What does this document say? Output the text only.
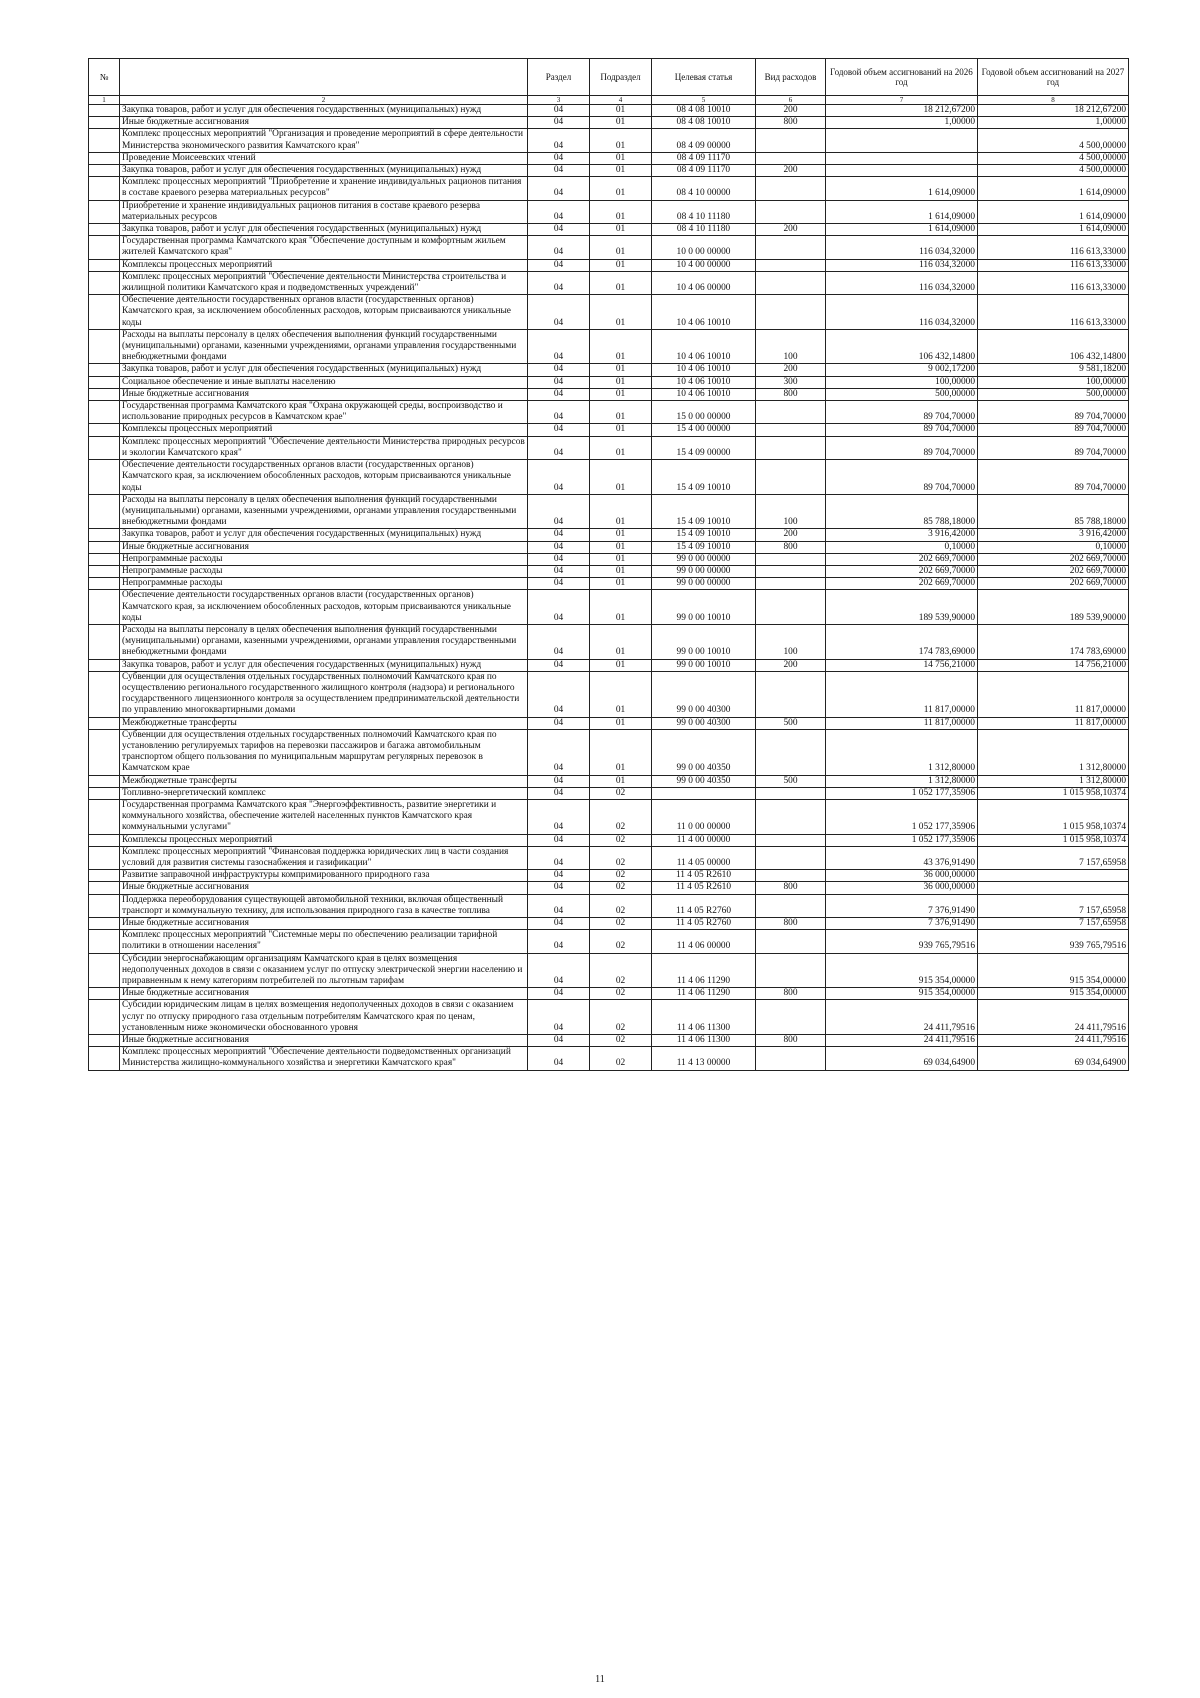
№		Раздел	Подраздел	Целевая статья	Вид расходов	Годовой объем ассигнований на 2026 год	Годовой объем ассигнований на 2027 год
1	2	3	4	5	6	7	8
	Закупка товаров, работ и услуг для обеспечения государственных (муниципальных) нужд	04	01	08 4 08 10010	200	18 212,67200	18 212,67200
	Иные бюджетные ассигнования	04	01	08 4 08 10010	800	1,00000	1,00000
	Комплекс процессных мероприятий "Организация и проведение мероприятий в сфере деятельности Министерства экономического развития Камчатского края"	04	01	08 4 09 00000			4 500,00000
	Проведение Моисеевских чтений	04	01	08 4 09 11170			4 500,00000
	Закупка товаров, работ и услуг для обеспечения государственных (муниципальных) нужд	04	01	08 4 09 11170	200		4 500,00000
	Комплекс процессных мероприятий "Приобретение и хранение индивидуальных рационов питания в составе краевого резерва материальных ресурсов"	04	01	08 4 10 00000		1 614,09000	1 614,09000
	Приобретение и хранение индивидуальных рационов питания в составе краевого резерва материальных ресурсов	04	01	08 4 10 11180		1 614,09000	1 614,09000
	Закупка товаров, работ и услуг для обеспечения государственных (муниципальных) нужд	04	01	08 4 10 11180	200	1 614,09000	1 614,09000
	Государственная программа Камчатского края "Обеспечение доступным и комфортным жильем жителей Камчатского края"	04	01	10 0 00 00000		116 034,32000	116 613,33000
	Комплексы процессных мероприятий	04	01	10 4 00 00000		116 034,32000	116 613,33000
	Комплекс процессных мероприятий "Обеспечение деятельности Министерства строительства и жилищной политики Камчатского края и подведомственных учреждений"	04	01	10 4 06 00000		116 034,32000	116 613,33000
	Обеспечение деятельности государственных органов власти (государственных органов) Камчатского края, за исключением обособленных расходов, которым присваиваются уникальные коды	04	01	10 4 06 10010		116 034,32000	116 613,33000
	Расходы на выплаты персоналу в целях обеспечения выполнения функций государственными (муниципальными) органами, казенными учреждениями, органами управления государственными внебюджетными фондами	04	01	10 4 06 10010	100	106 432,14800	106 432,14800
	Закупка товаров, работ и услуг для обеспечения государственных (муниципальных) нужд	04	01	10 4 06 10010	200	9 002,17200	9 581,18200
	Социальное обеспечение и иные выплаты населению	04	01	10 4 06 10010	300	100,00000	100,00000
	Иные бюджетные ассигнования	04	01	10 4 06 10010	800	500,00000	500,00000
	Государственная программа Камчатского края "Охрана окружающей среды, воспроизводство и использование природных ресурсов в Камчатском крае"	04	01	15 0 00 00000		89 704,70000	89 704,70000
	Комплексы процессных мероприятий	04	01	15 4 00 00000		89 704,70000	89 704,70000
	Комплекс процессных мероприятий "Обеспечение деятельности Министерства природных ресурсов и экологии Камчатского края"	04	01	15 4 09 00000		89 704,70000	89 704,70000
	Обеспечение деятельности государственных органов власти (государственных органов) Камчатского края, за исключением обособленных расходов, которым присваиваются уникальные коды	04	01	15 4 09 10010		89 704,70000	89 704,70000
	Расходы на выплаты персоналу в целях обеспечения выполнения функций государственными (муниципальными) органами, казенными учреждениями, органами управления государственными внебюджетными фондами	04	01	15 4 09 10010	100	85 788,18000	85 788,18000
	Закупка товаров, работ и услуг для обеспечения государственных (муниципальных) нужд	04	01	15 4 09 10010	200	3 916,42000	3 916,42000
	Иные бюджетные ассигнования	04	01	15 4 09 10010	800	0,10000	0,10000
	Непрограммные расходы	04	01	99 0 00 00000		202 669,70000	202 669,70000
	Непрограммные расходы	04	01	99 0 00 00000		202 669,70000	202 669,70000
	Непрограммные расходы	04	01	99 0 00 00000		202 669,70000	202 669,70000
	Обеспечение деятельности государственных органов власти (государственных органов) Камчатского края, за исключением обособленных расходов, которым присваиваются уникальные коды	04	01	99 0 00 10010		189 539,90000	189 539,90000
	Расходы на выплаты персоналу в целях обеспечения выполнения функций государственными (муниципальными) органами, казенными учреждениями, органами управления государственными внебюджетными фондами	04	01	99 0 00 10010	100	174 783,69000	174 783,69000
	Закупка товаров, работ и услуг для обеспечения государственных (муниципальных) нужд	04	01	99 0 00 10010	200	14 756,21000	14 756,21000
	Субвенции для осуществления отдельных государственных полномочий Камчатского края по осуществлению регионального государственного жилищного контроля (надзора) и регионального государственного лицензионного контроля за осуществлением предпринимательской деятельности по управлению многоквартирными домами	04	01	99 0 00 40300		11 817,00000	11 817,00000
	Межбюджетные трансферты	04	01	99 0 00 40300	500	11 817,00000	11 817,00000
	Субвенции для осуществления отдельных государственных полномочий Камчатского края по установлению регулируемых тарифов на перевозки пассажиров и багажа автомобильным транспортом общего пользования по муниципальным маршрутам регулярных перевозок в Камчатском крае	04	01	99 0 00 40350		1 312,80000	1 312,80000
	Межбюджетные трансферты	04	01	99 0 00 40350	500	1 312,80000	1 312,80000
	Топливно-энергетический комплекс	04	02			1 052 177,35906	1 015 958,10374
	Государственная программа Камчатского края "Энергоэффективность, развитие энергетики и коммунального хозяйства, обеспечение жителей населенных пунктов Камчатского края коммунальными услугами"	04	02	11 0 00 00000		1 052 177,35906	1 015 958,10374
	Комплексы процессных мероприятий	04	02	11 4 00 00000		1 052 177,35906	1 015 958,10374
	Комплекс процессных мероприятий "Финансовая поддержка юридических лиц в части создания условий для развития системы газоснабжения и газификации"	04	02	11 4 05 00000		43 376,91490	7 157,65958
	Развитие заправочной инфраструктуры компримированного природного газа	04	02	11 4 05 R2610		36 000,00000	
	Иные бюджетные ассигнования	04	02	11 4 05 R2610	800	36 000,00000	
	Поддержка переоборудования существующей автомобильной техники, включая общественный транспорт и коммунальную технику, для использования природного газа в качестве топлива	04	02	11 4 05 R2760		7 376,91490	7 157,65958
	Иные бюджетные ассигнования	04	02	11 4 05 R2760	800	7 376,91490	7 157,65958
	Комплекс процессных мероприятий "Системные меры по обеспечению реализации тарифной политики в отношении населения"	04	02	11 4 06 00000		939 765,79516	939 765,79516
	Субсидии энергоснабжающим организациям Камчатского края в целях возмещения недополученных доходов в связи с оказанием услуг по отпуску электрической энергии населению и приравненным к нему категориям потребителей по льготным тарифам	04	02	11 4 06 11290		915 354,00000	915 354,00000
	Иные бюджетные ассигнования	04	02	11 4 06 11290	800	915 354,00000	915 354,00000
	Субсидии юридическим лицам в целях возмещения недополученных доходов в связи с оказанием услуг по отпуску природного газа отдельным потребителям Камчатского края по ценам, установленным ниже экономически обоснованного уровня	04	02	11 4 06 11300		24 411,79516	24 411,79516
	Иные бюджетные ассигнования	04	02	11 4 06 11300	800	24 411,79516	24 411,79516
	Комплекс процессных мероприятий "Обеспечение деятельности подведомственных организаций Министерства жилищно-коммунального хозяйства и энергетики Камчатского края"	04	02	11 4 13 00000		69 034,64900	69 034,64900
11
